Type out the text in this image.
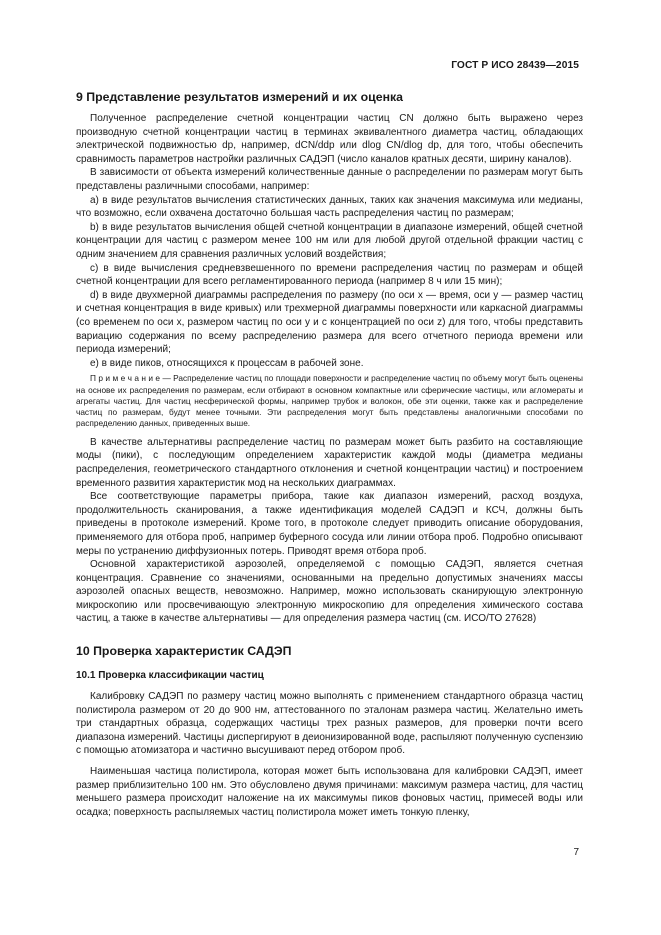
ГОСТ Р ИСО 28439—2015
9 Представление результатов измерений и их оценка

Полученное распределение счетной концентрации частиц CN должно быть выражено через производную счетной концентрации частиц в терминах эквивалентного диаметра частиц, обладающих электрической подвижностью dp, например, dCN/ddp или dlog CN/dlog dp, для того, чтобы обеспечить сравнимость параметров настройки различных САДЭП (число каналов кратных десяти, ширину каналов).

В зависимости от объекта измерений количественные данные о распределении по размерам могут быть представлены различными способами, например:

а) в виде результатов вычисления статистических данных, таких как значения максимума или медианы, что возможно, если охвачена достаточно большая часть распределения частиц по размерам;

b) в виде результатов вычисления общей счетной концентрации в диапазоне измерений, общей счетной концентрации для частиц с размером менее 100 нм или для любой другой отдельной фракции частиц с одним значением для сравнения различных условий воздействия;

c) в виде вычисления средневзвешенного по времени распределения частиц по размерам и общей счетной концентрации для всего регламентированного периода (например 8 ч или 15 мин);

d) в виде двухмерной диаграммы распределения по размеру (по оси x — время, оси y — размер частиц и счетная концентрация в виде кривых) или трехмерной диаграммы поверхности или каркасной диаграммы (со временем по оси x, размером частиц по оси y и с концентрацией по оси z) для того, чтобы представить вариацию содержания по всему распределению размера для всего отчетного периода времени или периода измерений;

е) в виде пиков, относящихся к процессам в рабочей зоне.

П р и м е ч а н и е — Распределение частиц по площади поверхности и распределение частиц по объему могут быть оценены на основе их распределения по размерам, если отбирают в основном компактные или сферические частицы, или агломераты и агрегаты частиц. Для частиц несферической формы, например трубок и волокон, обе эти оценки, также как и распределение частиц по размерам, будут менее точными. Эти распределения могут быть представлены аналогичными способами по распределению данных, приведенных выше.

В качестве альтернативы распределение частиц по размерам может быть разбито на составляющие моды (пики), с последующим определением характеристик каждой моды (диаметра медианы распределения, геометрического стандартного отклонения и счетной концентрации частиц) и построением временного развития характеристик мод на нескольких диаграммах.

Все соответствующие параметры прибора, такие как диапазон измерений, расход воздуха, продолжительность сканирования, а также идентификация моделей САДЭП и КСЧ, должны быть приведены в протоколе измерений. Кроме того, в протоколе следует приводить описание оборудования, применяемого для отбора проб, например буферного сосуда или линии отбора проб. Подробно описывают меры по устранению диффузионных потерь. Приводят время отбора проб.

Основной характеристикой аэрозолей, определяемой с помощью САДЭП, является счетная концентрация. Сравнение со значениями, основанными на предельно допустимых значениях массы аэрозолей опасных веществ, невозможно. Например, можно использовать сканирующую электронную микроскопию или просвечивающую электронную микроскопию для определения химического состава частиц, а также в качестве альтернативы — для определения размера частиц (см. ИСО/ТО 27628)

10 Проверка характеристик САДЭП
10.1 Проверка классификации частиц

Калибровку САДЭП по размеру частиц можно выполнять с применением стандартного образца частиц полистирола размером от 20 до 900 нм, аттестованного по эталонам размера частиц. Желательно иметь три стандартных образца, содержащих частицы трех разных размеров, для проверки почти всего диапазона измерений. Частицы диспергируют в деионизированной воде, распыляют полученную суспензию с помощью атомизатора и частично высушивают перед отбором проб.

Наименьшая частица полистирола, которая может быть использована для калибровки САДЭП, имеет размер приблизительно 100 нм. Это обусловлено двумя причинами: максимум размера частиц, для частиц меньшего размера происходит наложение на их максимумы пиков фоновых частиц, примесей воды или осадка; поверхность распыляемых частиц полистирола может иметь тонкую пленку,

7
